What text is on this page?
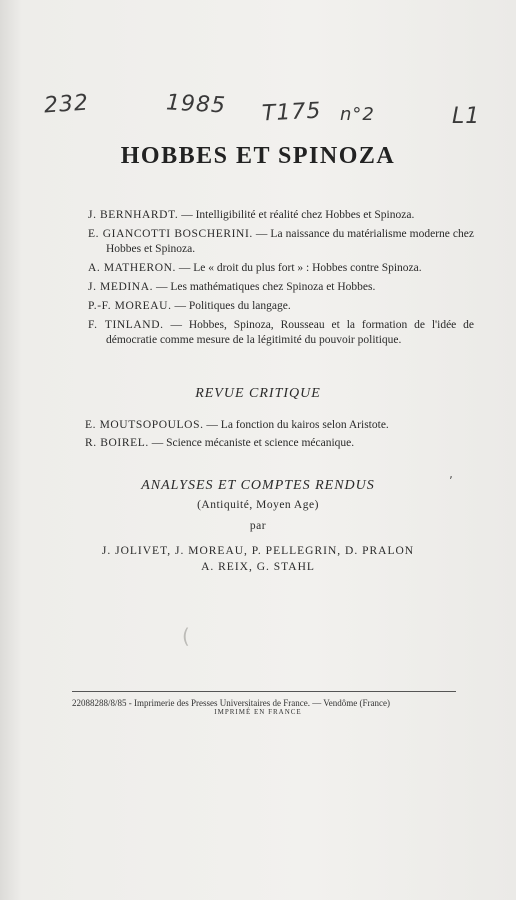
232	1985 T175 n°2	L1
HOBBES ET SPINOZA

J. BERNHARDT. — Intelligibilité et réalité chez Hobbes et Spinoza.

E. GIANCOTTI BOSCHERINI. — La naissance du matérialisme moderne chez Hobbes et Spinoza.

A. MATHERON. — Le « droit du plus fort » : Hobbes contre Spinoza.

J. MEDINA. — Les mathématiques chez Spinoza et Hobbes.

P.-F. MOREAU. — Politiques du langage.

F. TINLAND. — Hobbes, Spinoza, Rousseau et la formation de l'idée de démocratie comme mesure de la légitimité du pouvoir politique.

REVUE CRITIQUE

E. MOUTSOPOULOS. — La fonction du kairos selon Aristote.

R. BOIREL. — Science mécaniste et science mécanique.

ANALYSES ET COMPTES RENDUS
(Antiquité, Moyen Age)
par
J. JOLIVET, J. MOREAU, P. PELLEGRIN, D. PRALON
A. REIX, G. STAHL
ʼ
(
22088288/8/85 - Imprimerie des Presses Universitaires de France. — Vendôme (France)
IMPRIMÉ EN FRANCE
